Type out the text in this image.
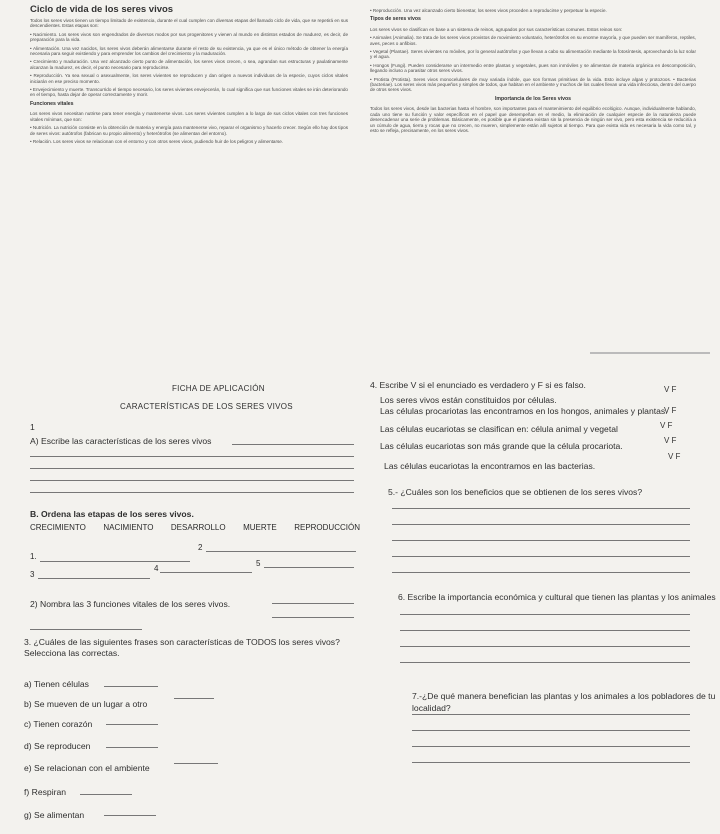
Ciclo de vida de los seres vivos

Todos los seres vivos tienen un tiempo limitado de existencia, durante el cual cumplen con diversas etapas del llamado ciclo de vida, que se repetirá en sus descendientes. Estas etapas son:

• Nacimiento. Los seres vivos son engendrados de diversos modos por sus progenitores y vienen al mundo en distintos estados de madurez, es decir, de preparación para la vida.

• Alimentación. Una vez nacidos, los seres vivos deberán alimentarse durante el resto de su existencia, ya que es el único método de obtener la energía necesaria para seguir existiendo y para emprender los cambios del crecimiento y la maduración.

• Crecimiento y maduración. Una vez alcanzado cierto punto de alimentación, los seres vivos crecen, o sea, agrandan sus estructuras y paulatinamente alcanzan la madurez, es decir, el punto necesario para reproducirse.

• Reproducción. Ya sea sexual o asexualmente, los seres vivientes se reproducen y dan origen a nuevos individuos de la especie, cuyos ciclos vitales iniciarán en ese preciso momento.

• Envejecimiento y muerte. Transcurrido el tiempo necesario, los seres vivientes envejecerán, lo cual significa que sus funciones vitales se irán deteriorando en el tiempo, hasta dejar de operar correctamente y morir.

Funciones vitales

Los seres vivos necesitan nutrirse para tener energía y mantenerse vivos. Los seres vivientes cumplen a lo largo de sus ciclos vitales con tres funciones vitales mínimas, que son:

• Nutrición. La nutrición consiste en la obtención de materia y energía para mantenerse vivo, reparar el organismo y hacerlo crecer. Según ello hay dos tipos de seres vivos: autótrofos (fabrican su propio alimento) y heterótrofos (se alimentan del entorno).

• Relación. Los seres vivos se relacionan con el entorno y con otros seres vivos, pudiendo huir de los peligros y alimentarse.

• Reproducción. Una vez alcanzado cierto bienestar, los seres vivos proceden a reproducirse y perpetuar la especie.

Tipos de seres vivos

Los seres vivos se clasifican en base a un sistema de reinos, agrupados por sus características comunes. Estos reinos son:

• Animales (Animalia). Se trata de los seres vivos provistos de movimiento voluntario, heterótrofos en su enorme mayoría, y que pueden ser mamíferos, reptiles, aves, peces o anfibios.

• Vegetal (Plantae). Seres vivientes no móviles, por lo general autótrofos y que llevan a cabo su alimentación mediante la fotosíntesis, aprovechando la luz solar y el agua.

• Hongos (Fungi). Pueden considerarse un intermedio entre plantas y vegetales, pues son inmóviles y se alimentan de materia orgánica en descomposición, llegando incluso a parasitar otros seres vivos.

• Protista (Protista). Seres vivos monocelulares de muy variada índole, que son formas primitivas de la vida. Esto incluye algas y protozoos. • Bacterias (bacteriae). Los seres vivos más pequeños y simples de todos, que habitan en el ambiente y muchos de los cuales llevan una vida infecciosa, dentro del cuerpo de otros seres vivos.

Importancia de los Seres vivos

Todos los seres vivos, desde las bacterias hasta el hombre, son importantes para el mantenimiento del equilibrio ecológico. Aunque, individualmente hablando, cada uno tiene su función y valor específicos en el papel que desempeñan en el medio, la eliminación de cualquier especie de la naturaleza puede desencadenar una serie de problemas. Básicamente, es posible que el planeta existan sin la presencia de ningún ser vivo, pero esta existencia se reduciría a un cúmulo de agua, tierra y rocas que no crecen, no mueren, simplemente están allí sujetos al tiempo. Para que exista vida es necesaria la vida como tal, y esto se refleja, precisamente, en los seres vivos.

FICHA DE APLICACIÓN
CARACTERÍSTICAS DE LOS SERES VIVOS
1
A) Escribe las características de los seres vivos
B. Ordena las etapas de los seres vivos.
CRECIMIENTO NACIMIENTO DESARROLLO MUERTE REPRODUCCIÓN
1.
2
3
4
5
2) Nombra las 3 funciones vitales de los seres vivos.
3. ¿Cuáles de las siguientes frases son características de TODOS los seres vivos? Selecciona las correctas.
a) Tienen células
b) Se mueven de un lugar a otro
c) Tienen corazón
d) Se reproducen
e) Se relacionan con el ambiente
f) Respiran
g) Se alimentan
4. Escribe V si el enunciado es verdadero y F si es falso.
Los seres vivos están constituidos por células.
V F
Las células procariotas las encontramos en los hongos, animales y plantas.
V F
Las células eucariotas se clasifican en: célula animal y vegetal	V F
Las células eucariotas son más grande que la célula procariota.
V F
Las células eucariotas la encontramos en las bacterias.
V F
5.- ¿Cuáles son los beneficios que se obtienen de los seres vivos?
6. Escribe la importancia económica y cultural que tienen las plantas y los animales
7.-¿De qué manera benefician las plantas y los animales a los pobladores de tu localidad?
